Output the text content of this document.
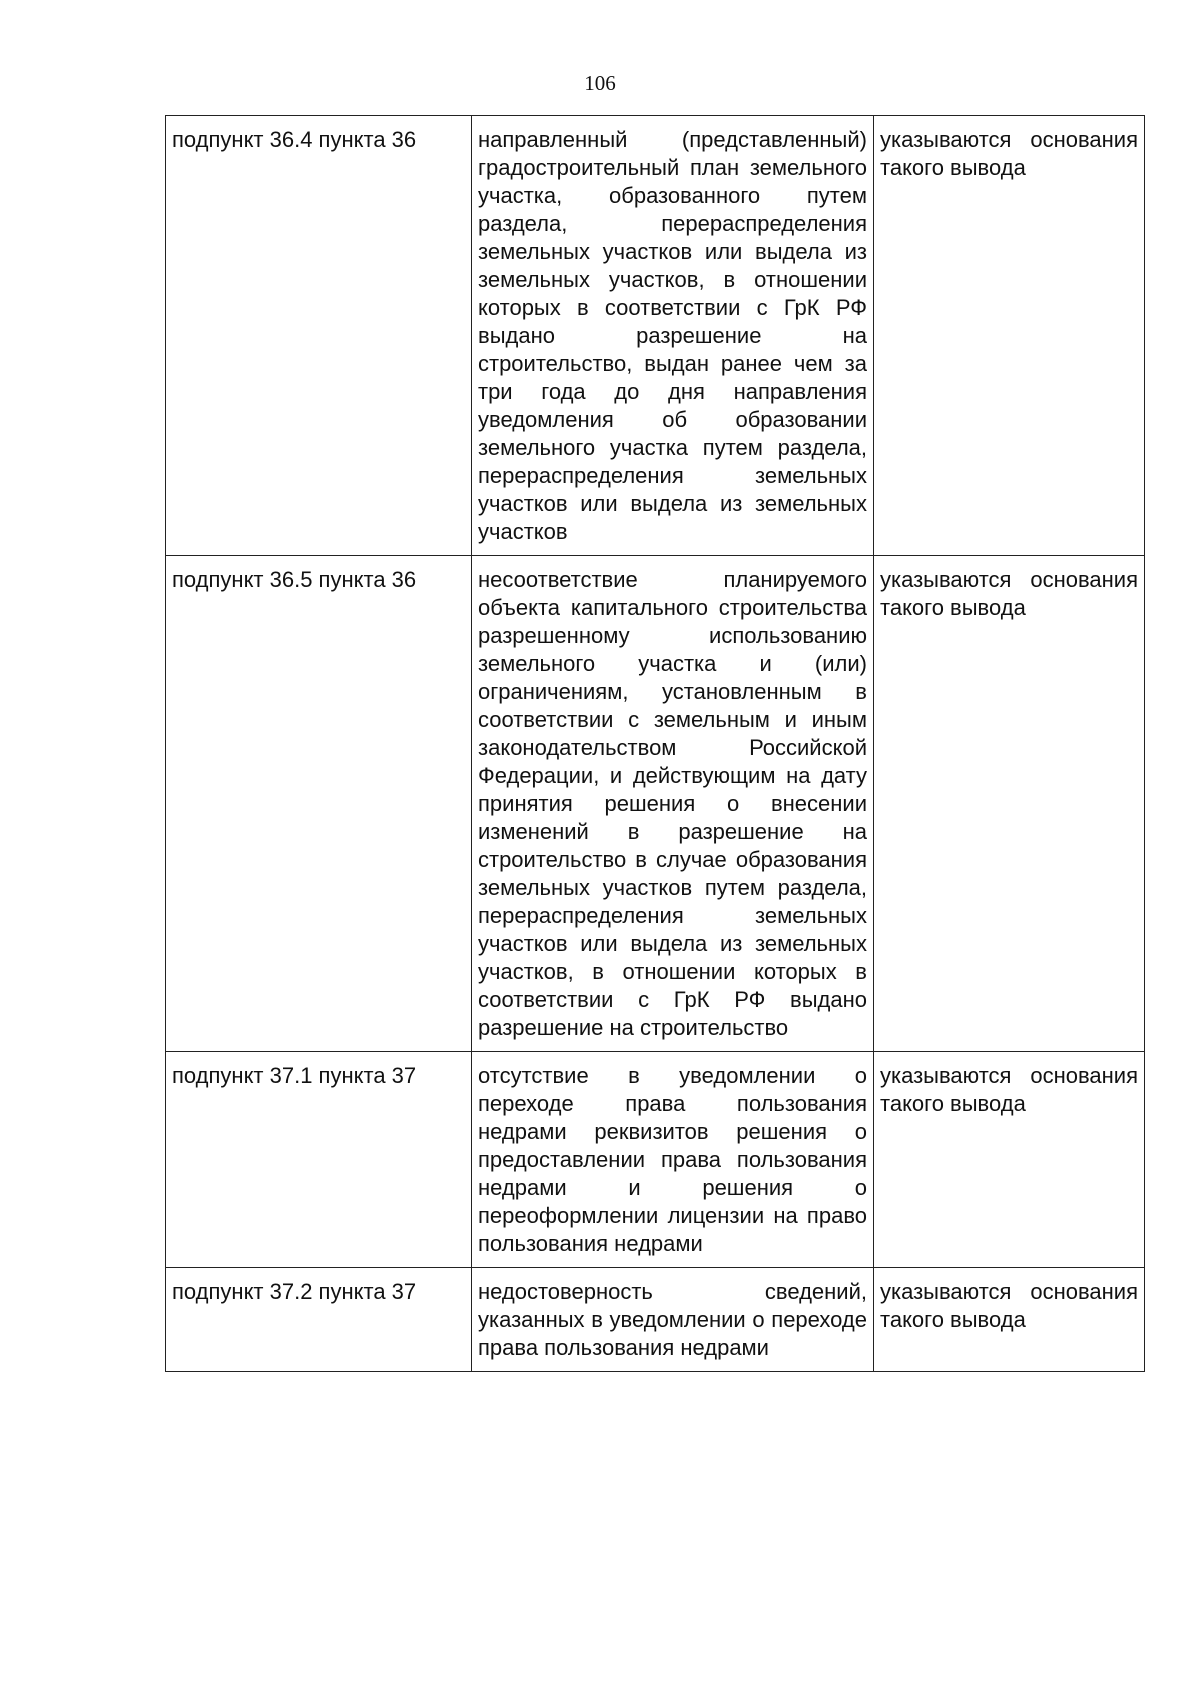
106
подпункт 36.4 пункта 36	направленный (представленный) градостроительный план земельного участка, образованного путем раздела, перераспределения земельных участков или выдела из земельных участков, в отношении которых в соответствии с ГрК РФ выдано разрешение на строительство, выдан ранее чем за три года до дня направления уведомления об образовании земельного участка путем раздела, перераспределения земельных участков или выдела из земельных участков	указываются основания такого вывода
подпункт 36.5 пункта 36	несоответствие планируемого объекта капитального строительства разрешенному использованию земельного участка и (или) ограничениям, установленным в соответствии с земельным и иным законодательством Российской Федерации, и действующим на дату принятия решения о внесении изменений в разрешение на строительство в случае образования земельных участков путем раздела, перераспределения земельных участков или выдела из земельных участков, в отношении которых в соответствии с ГрК РФ выдано разрешение на строительство	указываются основания такого вывода
подпункт 37.1 пункта 37	отсутствие в уведомлении о переходе права пользования недрами реквизитов решения о предоставлении права пользования недрами и решения о переоформлении лицензии на право пользования недрами	указываются основания такого вывода
подпункт 37.2 пункта 37	недостоверность сведений, указанных в уведомлении о переходе права пользования недрами	указываются основания такого вывода
